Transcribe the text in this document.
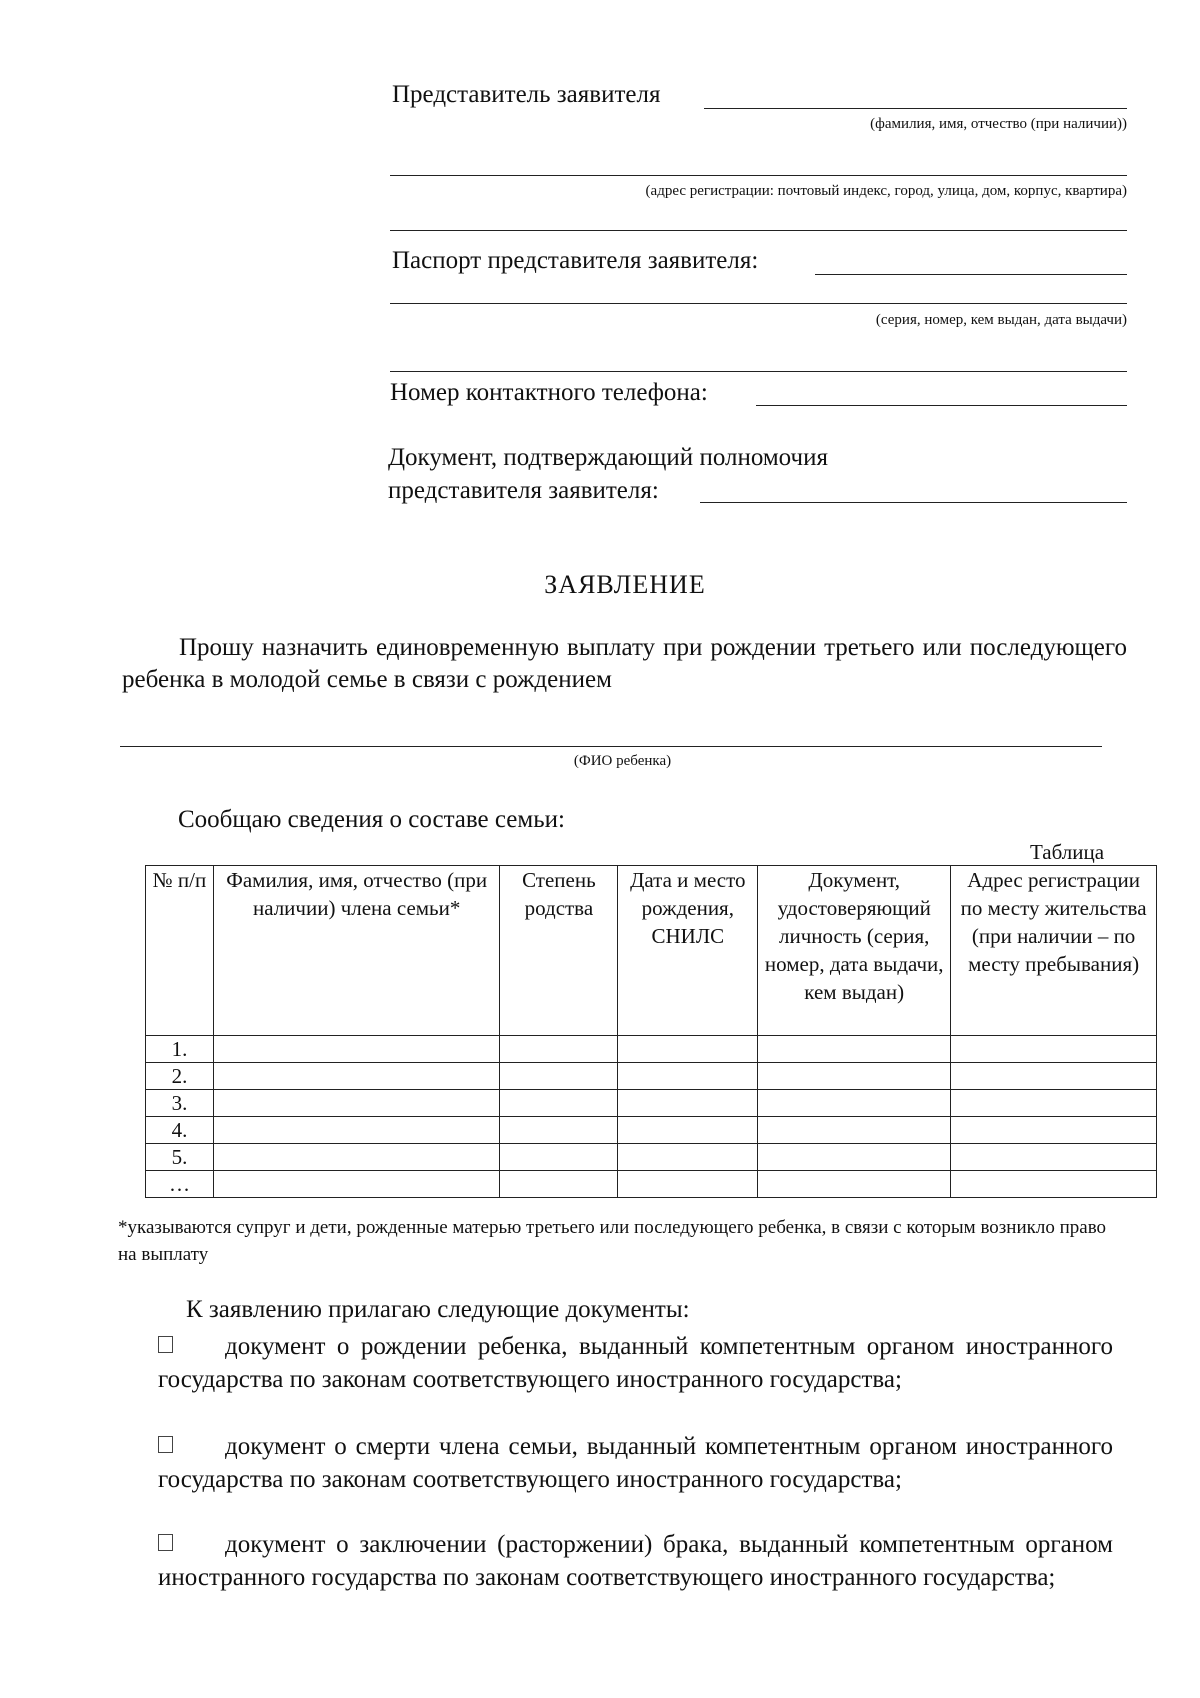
Представитель заявителя
(фамилия, имя, отчество (при наличии))
(адрес регистрации: почтовый индекс, город, улица, дом, корпус, квартира)
Паспорт представителя заявителя:
(серия, номер, кем выдан, дата выдачи)
Номер контактного телефона:
Документ, подтверждающий полномочия
представителя заявителя:
ЗАЯВЛЕНИЕ
Прошу назначить единовременную выплату при рождении третьего или последующего ребенка в молодой семье в связи с рождением
(ФИО ребенка)
Сообщаю сведения о составе семьи:
Таблица
№ п/п	Фамилия, имя, отчество (при наличии) члена семьи*	Степень родства	Дата и место рождения, СНИЛС	Документ, удостоверяющий личность (серия, номер, дата выдачи, кем выдан)	Адрес регистрации по месту жительства (при наличии – по месту пребывания)
1.					
2.					
3.					
4.					
5.					
…					
*указываются супруг и дети, рожденные матерью третьего или последующего ребенка, в связи с которым возникло право на выплату
К заявлению прилагаю следующие документы:
документ о рождении ребенка, выданный компетентным органом иностранного государства по законам соответствующего иностранного государства;
документ о смерти члена семьи, выданный компетентным органом иностранного государства по законам соответствующего иностранного государства;
документ о заключении (расторжении) брака, выданный компетентным органом иностранного государства по законам соответствующего иностранного государства;
